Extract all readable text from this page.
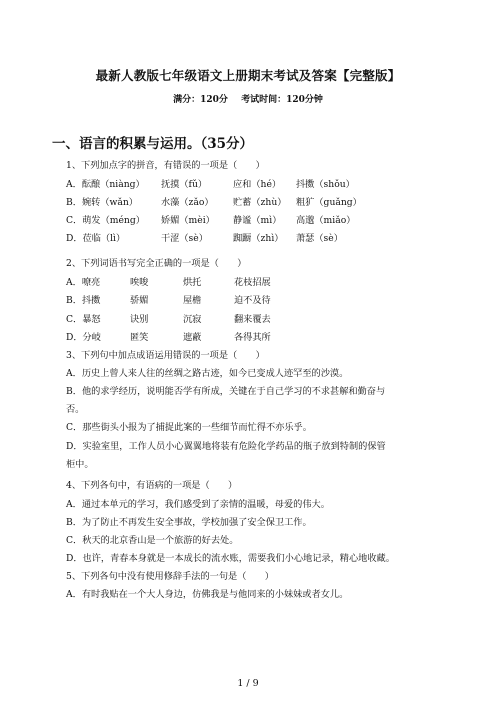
最新人教版七年级语文上册期末考试及答案【完整版】
满分：120分 考试时间：120分钟
一、语言的积累与运用。（35分）
1、下列加点字的拼音，有错误的一项是（　　）
A．酝酿（niàng） 抚摸（fǔ）	应和（hé） 抖擞（shǒu）
B．婉转（wǎn）	水藻（zǎo） 贮蓄（zhù） 粗犷（guǎng）
C．萌发（méng） 娇媚（mèi） 静谧（mì） 高邈（miǎo）
D．莅临（lì）	干涩（sè）	踟蹰（zhì） 萧瑟（sè）
2、下列词语书写完全正确的一项是（　　）
A．嘹亮	唉唆	烘托	花枝招展
B．抖擞	骄媚	屋檐	迫不及待
C．暴怒	诀别	沉寂	翻来覆去
D．分岐	匿笑	遮蔽	各得其所
3、下列句中加点成语运用错误的一项是（　　）
A．历史上曾人来人往的丝绸之路古迹，如今已变成人迹罕至的沙漠。
B．他的求学经历，说明能否学有所成，关键在于自己学习的不求甚解和勤奋与
否。
C．那些街头小报为了捕捉此案的一些细节而忙得不亦乐乎。
D．实验室里，工作人员小心翼翼地将装有危险化学药品的瓶子放到特制的保管
柜中。
4、下列各句中，有语病的一项是（　　）
A．通过本单元的学习，我们感受到了亲情的温暖，母爱的伟大。
B．为了防止不再发生安全事故，学校加强了安全保卫工作。
C．秋天的北京香山是一个旅游的好去处。
D．也许，青春本身就是一本成长的流水账，需要我们小心地记录，精心地收藏。
5、下列各句中没有使用修辞手法的一句是（　　）
A．有时我贴在一个大人身边，仿佛我是与他同来的小妹妹或者女儿。
1 / 9
